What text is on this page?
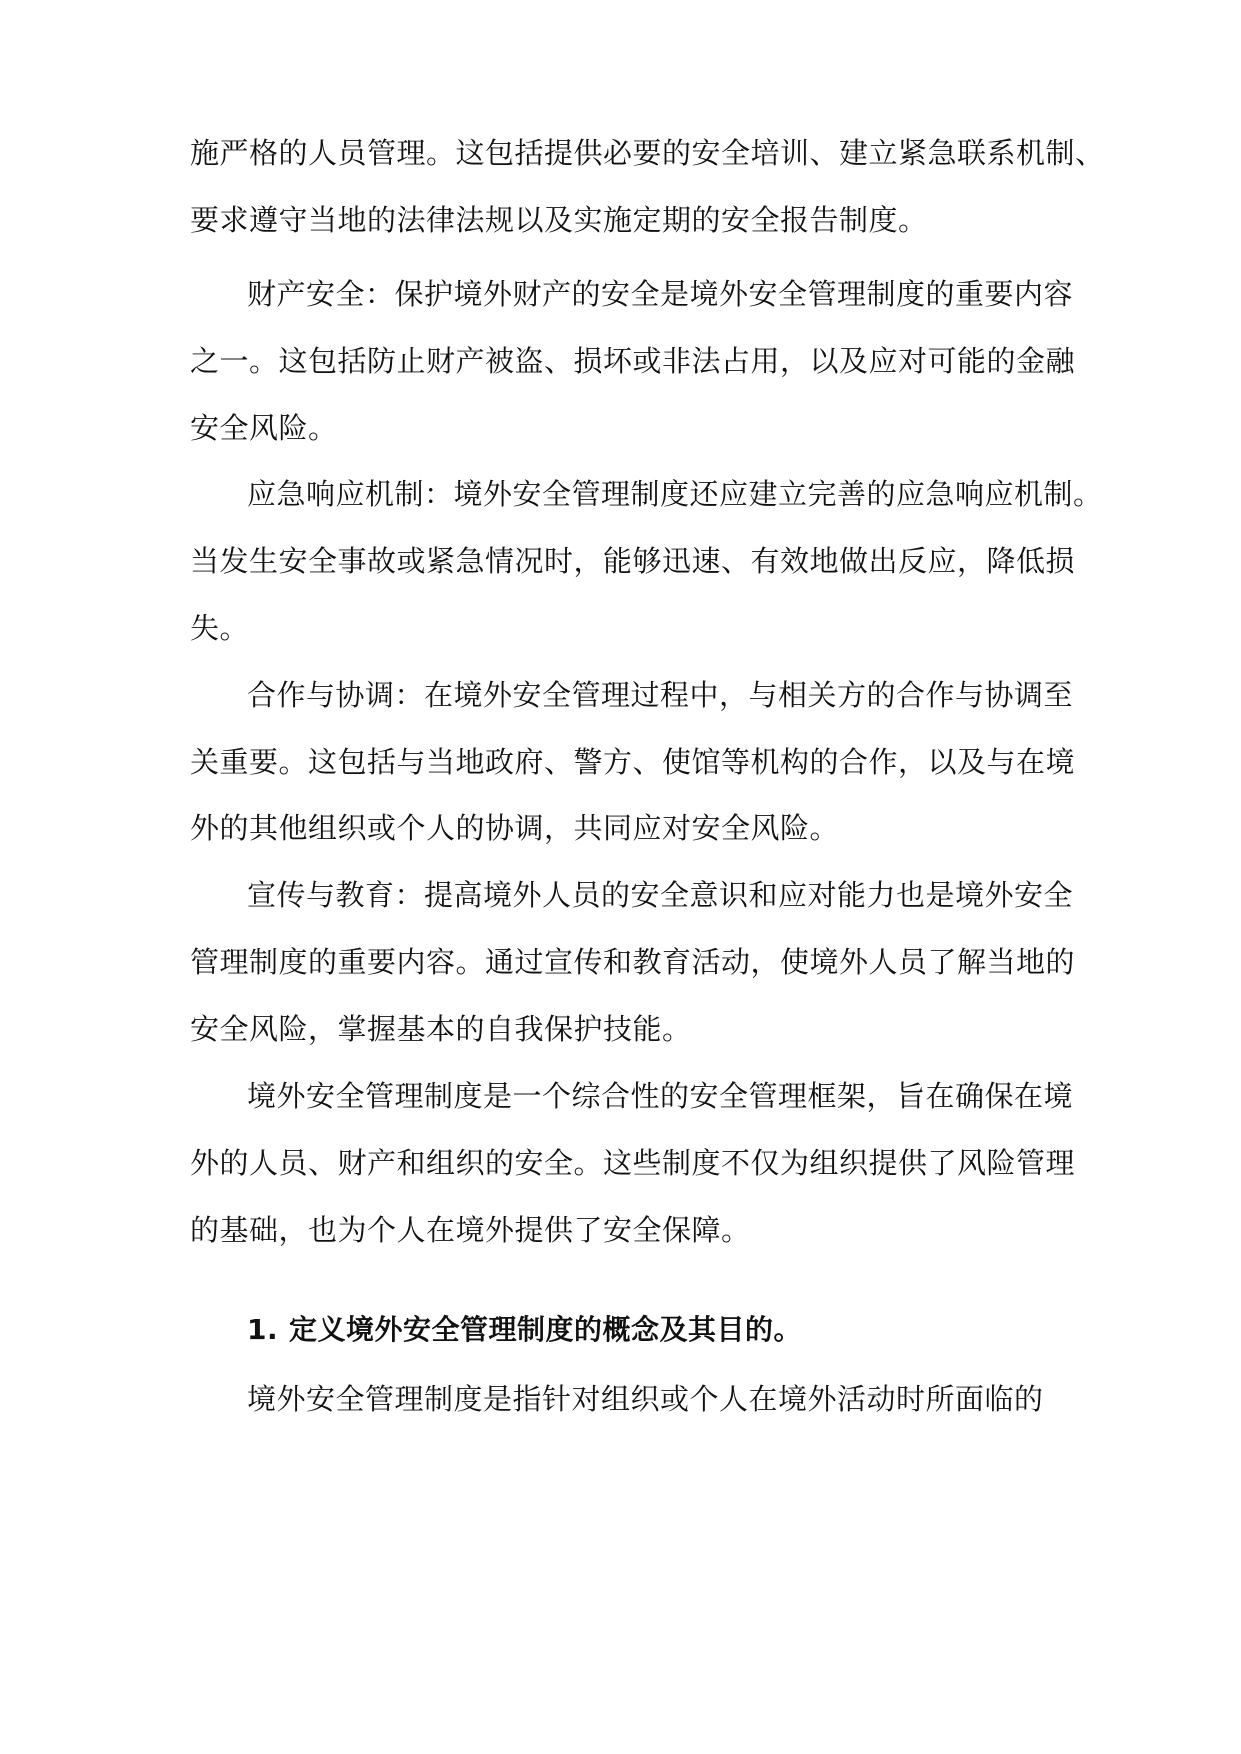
施严格的人员管理。这包括提供必要的安全培训、建立紧急联系机制、
要求遵守当地的法律法规以及实施定期的安全报告制度。
财产安全：保护境外财产的安全是境外安全管理制度的重要内容
之一。这包括防止财产被盗、损坏或非法占用，以及应对可能的金融
安全风险。
应急响应机制：境外安全管理制度还应建立完善的应急响应机制。
当发生安全事故或紧急情况时，能够迅速、有效地做出反应，降低损
失。
合作与协调：在境外安全管理过程中，与相关方的合作与协调至
关重要。这包括与当地政府、警方、使馆等机构的合作，以及与在境
外的其他组织或个人的协调，共同应对安全风险。
宣传与教育：提高境外人员的安全意识和应对能力也是境外安全
管理制度的重要内容。通过宣传和教育活动，使境外人员了解当地的
安全风险，掌握基本的自我保护技能。
境外安全管理制度是一个综合性的安全管理框架，旨在确保在境
外的人员、财产和组织的安全。这些制度不仅为组织提供了风险管理
的基础，也为个人在境外提供了安全保障。
1. 定义境外安全管理制度的概念及其目的。
境外安全管理制度是指针对组织或个人在境外活动时所面临的
